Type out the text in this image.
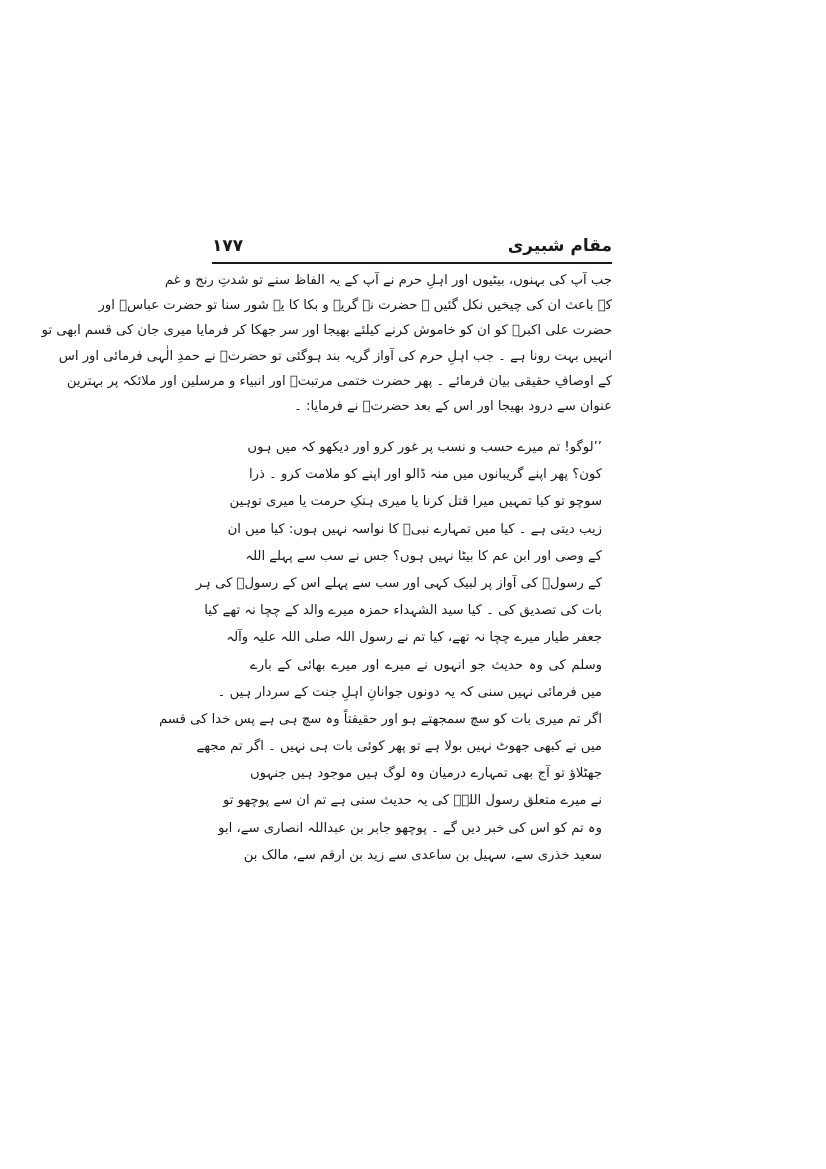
مقام شبیری
۱۷۷
جب آپ کی بہنوں، بیٹیوں اور اہلِ حرم نے آپ کے یہ الفاظ سنے تو شدتِ رنج و غم
کے باعث ان کی چیخیں نکل گئیں ۔ حضرت نے گریہ و بکا کا یہ شور سنا تو حضرت عباسؑ اور
حضرت علی اکبرؑ کو ان کو خاموش کرنے کیلئے بھیجا اور سر جھکا کر فرمایا میری جان کی قسم ابھی تو
انہیں بہت رونا ہے ۔ جب اہلِ حرم کی آواز گریہ بند ہوگئی تو حضرتؑ نے حمدِ الٰہی فرمائی اور اس
کے اوصافِ حقیقی بیان فرمائے ۔ پھر حضرت ختمی مرتبتؐ اور انبیاء و مرسلین اور ملائکہ پر بہترین
عنوان سے درود بھیجا اور اس کے بعد حضرتؑ نے فرمایا: ۔
’’لوگو! تم میرے حسب و نسب پر غور کرو اور دیکھو کہ میں ہوں
کون؟ پھر اپنے گریبانوں میں منہ ڈالو اور اپنے کو ملامت کرو ۔ ذرا
سوچو تو کیا تمہیں میرا قتل کرنا یا میری ہتکِ حرمت یا میری توہین
زیب دیتی ہے ۔ کیا میں تمہارے نبیؐ کا نواسہ نہیں ہوں: کیا میں ان
کے وصی اور ابن عم کا بیٹا نہیں ہوں؟ جس نے سب سے پہلے اللہ
کے رسولؐ کی آواز پر لبیک کہی اور سب سے پہلے اس کے رسولؐ کی ہر
بات کی تصدیق کی ۔ کیا سید الشہداء حمزہ میرے والد کے چچا نہ تھے کیا
جعفر طیار میرے چچا نہ تھے، کیا تم نے رسول اللہ صلی اللہ علیہ وآلہ
وسلم کی وہ حدیث جو انہوں نے میرے اور میرے بھائی کے بارے
میں فرمائی نہیں سنی کہ یہ دونوں جوانانِ اہلِ جنت کے سردار ہیں ۔
اگر تم میری بات کو سچ سمجھتے ہو اور حقیقتاً وہ سچ ہی ہے پس خدا کی قسم
میں نے کبھی جھوٹ نہیں بولا ہے تو پھر کوئی بات ہی نہیں ۔ اگر تم مجھے
جھٹلاؤ تو آج بھی تمہارے درمیان وہ لوگ ہیں موجود ہیں جنہوں
نے میرے متعلق رسول اللہؐ کی یہ حدیث سنی ہے تم ان سے پوچھو تو
وہ تم کو اس کی خبر دیں گے ۔ پوچھو جابر بن عبداللہ انصاری سے، ابو
سعید خذری سے، سہیل بن ساعدی سے زید بن ارقم سے، مالک بن
